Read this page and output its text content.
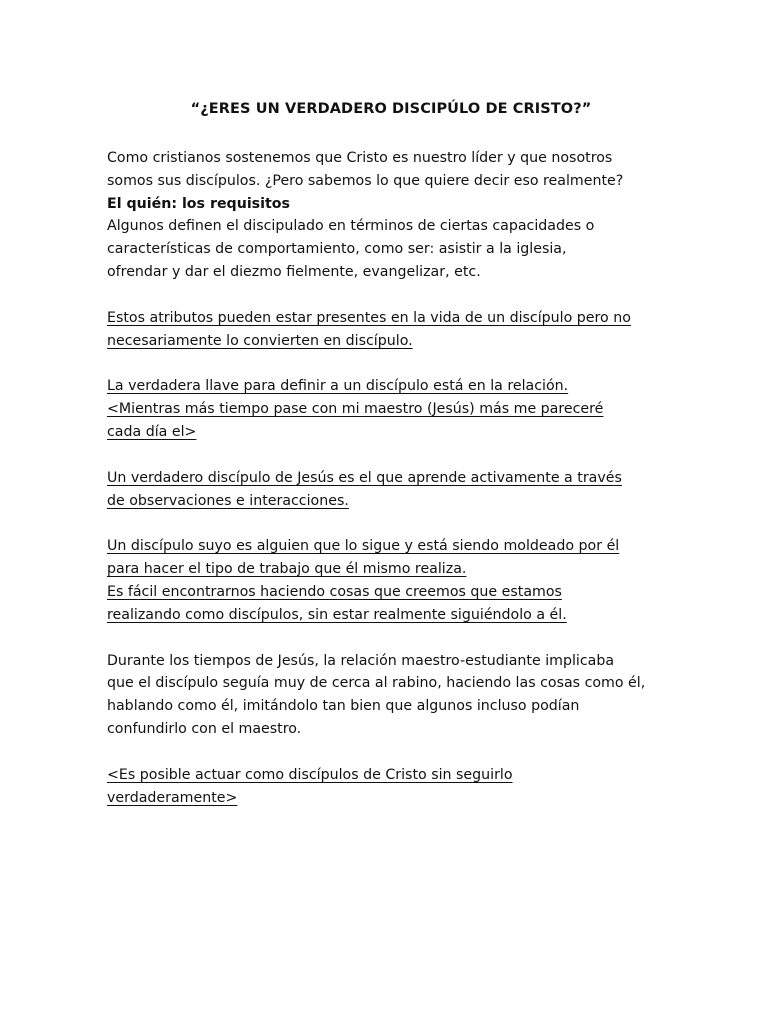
“¿ERES UN VERDADERO DISCIPÚLO DE CRISTO?”

Como cristianos sostenemos que Cristo es nuestro líder y que nosotros
somos sus discípulos. ¿Pero sabemos lo que quiere decir eso realmente?

El quién: los requisitos

Algunos definen el discipulado en términos de ciertas capacidades o
características de comportamiento, como ser: asistir a la iglesia,
ofrendar y dar el diezmo fielmente, evangelizar, etc.

Estos atributos pueden estar presentes en la vida de un discípulo pero no
necesariamente lo convierten en discípulo.

La verdadera llave para definir a un discípulo está en la relación.
<Mientras más tiempo pase con mi maestro (Jesús) más me pareceré
cada día el>

Un verdadero discípulo de Jesús es el que aprende activamente a través
de observaciones e interacciones.

Un discípulo suyo es alguien que lo sigue y está siendo moldeado por él
para hacer el tipo de trabajo que él mismo realiza.
Es fácil encontrarnos haciendo cosas que creemos que estamos
realizando como discípulos, sin estar realmente siguiéndolo a él.

Durante los tiempos de Jesús, la relación maestro-estudiante implicaba
que el discípulo seguía muy de cerca al rabino, haciendo las cosas como él,
hablando como él, imitándolo tan bien que algunos incluso podían
confundirlo con el maestro.

<Es posible actuar como discípulos de Cristo sin seguirlo
verdaderamente>
